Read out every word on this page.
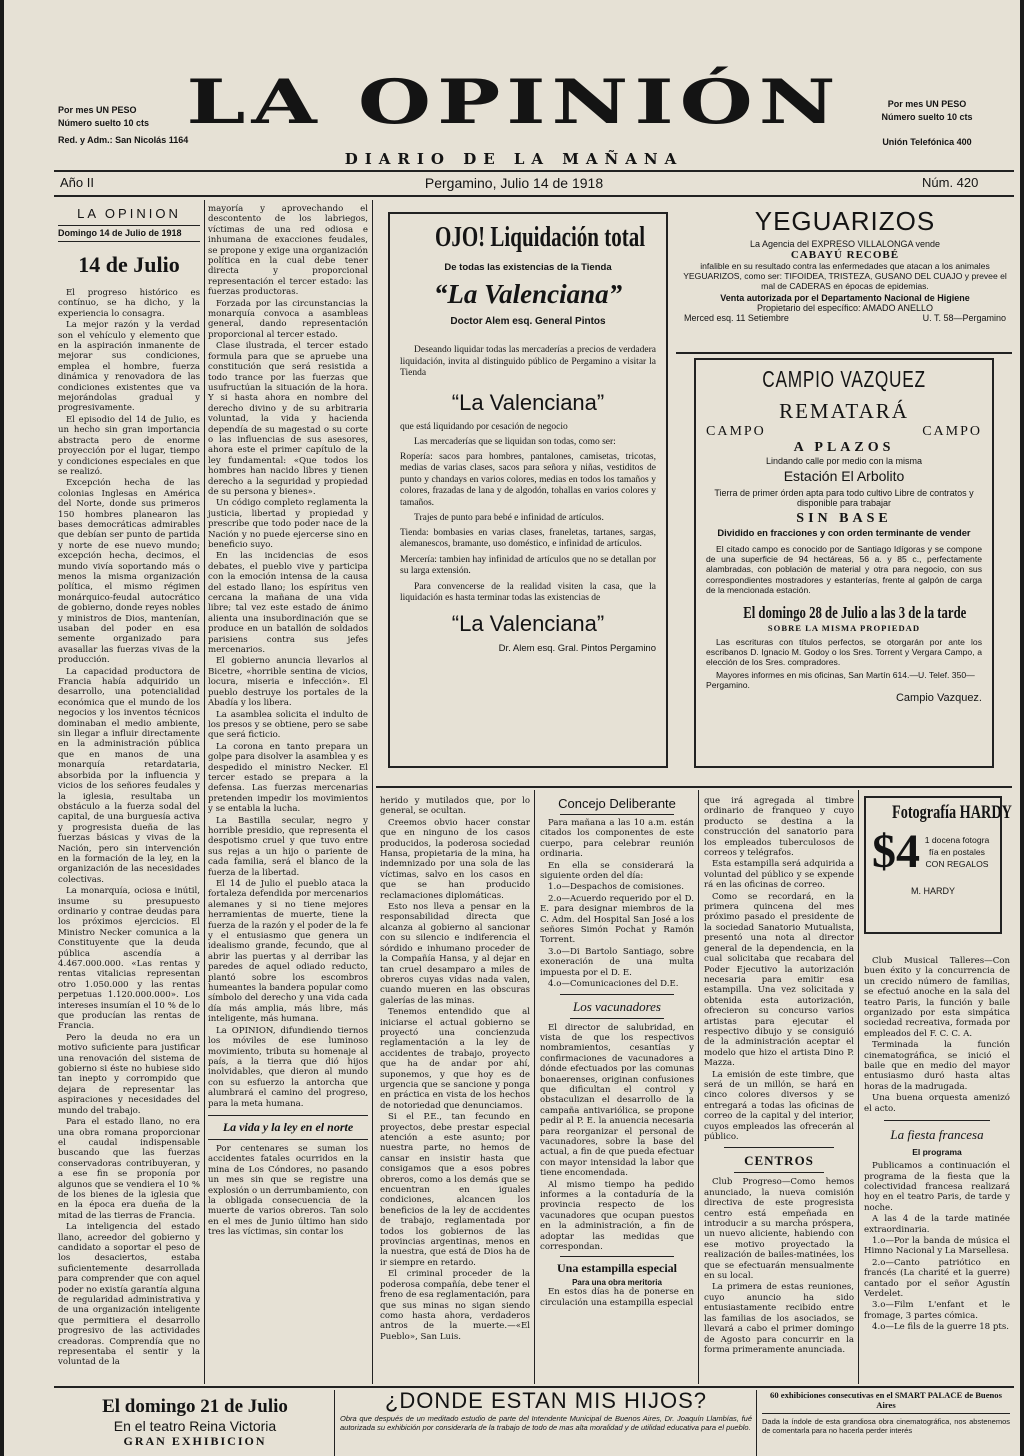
Por mes UN PESO
Número suelto 10 cts
Red. y Adm.: San Nicolás 1164
LA OPINIÓN
DIARIO DE LA MAÑANA
Por mes UN PESO
Número suelto 10 cts
Unión Telefónica 400
Año II	Pergamino, Julio 14 de 1918	Núm. 420
LA OPINION
Domingo 14 de Julio de 1918
14 de Julio

El progreso histórico es contínuo, se ha dicho, y la experiencia lo consagra.

La mejor razón y la verdad son el vehículo y elemento que en la aspiración inmanente de mejorar sus condiciones, emplea el hombre, fuerza dinámica y renovadora de las condiciones existentes que va mejorándolas gradual y progresivamente.

El episodio del 14 de Julio, es un hecho sin gran importancia abstracta pero de enorme proyección por el lugar, tiempo y condiciones especiales en que se realizó.

Excepción hecha de las colonias Inglesas en América del Norte, donde sus primeros 150 hombres planearon las bases democráticas admirables que debían ser punto de partida y norte de ese nuevo mundo; excepción hecha, decimos, el mundo vivía soportando más o menos la misma organización política, el mismo régimen monárquico-feudal autocrático de gobierno, donde reyes nobles y ministros de Dios, mantenían, usaban del poder en esa semente organizado para avasallar las fuerzas vivas de la producción.

La capacidad productora de Francia había adquirido un desarrollo, una potencialidad económica que el mundo de los negocios y los inventos técnicos dominaban el medio ambiente, sin llegar a influir directamente en la administración pública que en manos de una monarquía retardataria, absorbida por la influencia y vicios de los señores feudales y la iglesia, resultaba un obstáculo a la fuerza sodal del capital, de una burguesía activa y progresista dueña de las fuerzas básicas y vivas de la Nación, pero sin intervención en la formación de la ley, en la organización de las necesidades colectivas.

La monarquía, ociosa e inútil, insume su presupuesto ordinario y contrae deudas para los próximos ejercicios. El Ministro Necker comunica a la Constituyente que la deuda pública ascendía a 4.467.000.000. «Las rentas y rentas vitalicias representan otro 1.050.000 y las rentas perpetuas 1.120.000.000». Los intereses insumían el 10 % de lo que producían las rentas de Francia.

Pero la deuda no era un motivo suficiente para justificar una renovación del sistema de gobierno si éste no hubiese sido tan inepto y corrompido que dejara de representar las aspiraciones y necesidades del mundo del trabajo.

Para el estado llano, no era una obra romana proporcionar el caudal indispensable buscando que las fuerzas conservadoras contribuyeran, y a ese fin se proponía por algunos que se vendiera el 10 % de los bienes de la iglesia que en la época era dueña de la mitad de las tierras de Francia.

La inteligencia del estado llano, acreedor del gobierno y candidato a soportar el peso de los desaciertos, estaba suficientemente desarrollada para comprender que con aquel poder no existía garantía alguna de regularidad administrativa y de una organización inteligente que permitiera el desarrollo progresivo de las actividades creadoras. Comprendía que no representaba el sentir y la voluntad de la

mayoría y aprovechando el descontento de los labriegos, víctimas de una red odiosa e inhumana de exacciones feudales, se propone y exige una organización política en la cual debe tener directa y proporcional representación el tercer estado: las fuerzas productoras.

Forzada por las circunstancias la monarquía convoca a asambleas general, dando representación proporcional al tercer estado.

Clase ilustrada, el tercer estado formula para que se apruebe una constitución que será resistida a todo trance por las fuerzas que usufructúan la situación de la hora. Y si hasta ahora en nombre del derecho divino y de su arbitraria voluntad, la vida y hacienda dependía de su magestad o su corte o las influencias de sus asesores, ahora este el primer capítulo de la ley fundamental: «Que todos los hombres han nacido libres y tienen derecho a la seguridad y propiedad de su persona y bienes».

Un código completo reglamenta la justicia, libertad y propiedad y prescribe que todo poder nace de la Nación y no puede ejercerse sino en beneficio suyo.

En las incidencias de esos debates, el pueblo vive y participa con la emoción intensa de la causa del estado llano; los espíritus ven cercana la mañana de una vida libre; tal vez este estado de ánimo alienta una insubordinación que se produce en un batallón de soldados parisiens contra sus jefes mercenarios.

El gobierno anuncia llevarlos al Bicetre, «horrible sentina de vicios, locura, miseria e infección». El pueblo destruye los portales de la Abadía y los libera.

La asamblea solicita el indulto de los presos y se obtiene, pero se sabe que será ficticio.

La corona en tanto prepara un golpe para disolver la asamblea y es despedido el ministro Necker. El tercer estado se prepara a la defensa. Las fuerzas mercenarias pretenden impedir los movimientos y se entabla la lucha.

La Bastilla secular, negro y horrible presidio, que representa el despotismo cruel y que tuvo entre sus rejas a un hijo o pariente de cada familia, será el blanco de la fuerza de la libertad.

El 14 de Julio el pueblo ataca la fortaleza defendida por mercenarios alemanes y si no tiene mejores herramientas de muerte, tiene la fuerza de la razón y el poder de la fe y el entusiasmo que genera un idealismo grande, fecundo, que al abrir las puertas y al derribar las paredes de aquel odiado reducto, plantó sobre los escombros humeantes la bandera popular como símbolo del derecho y una vida cada día más amplia, más libre, más inteligente, más humana.

La OPINION, difundiendo tiernos los móviles de ese luminoso movimiento, tributa su homenaje al país, a la tierra que dió hijos inolvidables, que dieron al mundo con su esfuerzo la antorcha que alumbrará el camino del progreso, para la meta humana.

La vida y la ley en el norte

Por centenares se suman los accidentes fatales ocurridos en la mina de Los Cóndores, no pasando un mes sin que se registre una explosión o un derrumbamiento, con la obligada consecuencia de la muerte de varios obreros. Tan solo en el mes de Junio último han sido tres las víctimas, sin contar los

OJO! Liquidación total
De todas las existencias de la Tienda
“La Valenciana”
Doctor Alem esq. General Pintos
Deseando liquidar todas las mercaderías a precios de verdadera liquidación, invita al distinguido público de Pergamino a visitar la Tienda
“La Valenciana”
que está liquidando por cesación de negocio
Las mercaderías que se liquidan son todas, como ser:
Ropería: sacos para hombres, pantalones, camisetas, tricotas, medias de varias clases, sacos para señora y niñas, vestiditos de punto y chandays en varios colores, medias en todos los tamaños y colores, frazadas de lana y de algodón, tohallas en varios colores y tamaños.
Trajes de punto para bebé e infinidad de artículos.
Tienda: bombasies en varias clases, franeletas, tartanes, sargas, alemanescos, bramante, uso doméstico, e infinidad de artículos.
Mercería: tambien hay infinidad de artículos que no se detallan por su larga extensión.
Para convencerse de la realidad visiten la casa, que la liquidación es hasta terminar todas las existencias de
“La Valenciana”
Dr. Alem esq. Gral. Pintos Pergamino
YEGUARIZOS
La Agencia del EXPRESO VILLALONGA vende
CABAYÚ RECOBÉ
infalible en su resultado contra las enfermedades que atacan a los animales YEGUARIZOS, como ser: TIFOIDEA, TRISTEZA, GUSANO DEL CUAJO y prevee el mal de CADERAS en épocas de epidemias.
Venta autorizada por el Departamento Nacional de Higiene
Propietario del específico: AMADO ANELLO
Merced esq. 11 Setiembre	U. T. 58—Pergamino
CAMPIO VAZQUEZ
REMATARÁ
CAMPO	CAMPO
A PLAZOS
Lindando calle por medio con la misma
Estación El Arbolito
Tierra de primer órden apta para todo cultivo Libre de contratos y disponible para trabajar
SIN BASE
Dividido en fracciones y con orden terminante de vender
El citado campo es conocido por de Santiago Idígoras y se compone de una superficie de 94 hectáreas, 56 a. y 85 c., perfectamente alambradas, con población de material y otra para negocio, con sus correspondientes mostradores y estanterías, frente al galpón de carga de la mencionada estación.
El domingo 28 de Julio a las 3 de la tarde
SOBRE LA MISMA PROPIEDAD
Las escrituras con títulos perfectos, se otorgarán por ante los escribanos D. Ignacio M. Godoy o los Sres. Torrent y Vergara Campo, a elección de los Sres. compradores.
Mayores informes en mis oficinas, San Martín 614.—U. Telef. 350—Pergamino.
Campio Vazquez.

herido y mutilados que, por lo general, se ocultan.

Creemos obvio hacer constar que en ninguno de los casos producidos, la poderosa sociedad Hansa, propietaria de la mina, ha indemnizado por una sola de las víctimas, salvo en los casos en que se han producido reclamaciones diplomáticas.

Esto nos lleva a pensar en la responsabilidad directa que alcanza al gobierno al sancionar con su silencio e indiferencia el sórdido e inhumano proceder de la Compañía Hansa, y al dejar en tan cruel desamparo a miles de obreros cuyas vidas nada valen, cuando mueren en las obscuras galerías de las minas.

Tenemos entendido que al iniciarse el actual gobierno se proyectó una concienzuda reglamentación a la ley de accidentes de trabajo, proyecto que ha de andar por ahí, suponemos, y que hoy es de urgencia que se sancione y ponga en práctica en vista de los hechos de notoriedad que denunciamos.

Si el P.E., tan fecundo en proyectos, debe prestar especial atención a este asunto; por nuestra parte, no hemos de cansar en insistir hasta que consigamos que a esos pobres obreros, como a los demás que se encuentran en iguales condiciones, alcancen los beneficios de la ley de accidentes de trabajo, reglamentada por todos los gobiernos de las provincias argentinas, menos en la nuestra, que está de Dios ha de ir siempre en retardo.

El criminal proceder de la poderosa compañía, debe tener el freno de esa reglamentación, para que sus minas no sigan siendo como hasta ahora, verdaderos antros de la muerte.—«El Pueblo», San Luis.

Concejo Deliberante

Para mañana a las 10 a.m. están citados los componentes de este cuerpo, para celebrar reunión ordinaria.

En ella se considerará la siguiente orden del día:

1.o—Despachos de comisiones.

2.o—Acuerdo requerido por el D. E. para designar miembros de la C. Adm. del Hospital San José a los señores Simón Pochat y Ramón Torrent.

3.o—Di Bartolo Santiago, sobre exoneración de una multa impuesta por el D. E.

4.o—Comunicaciones del D.E.

Los vacunadores

El director de salubridad, en vista de que los respectivos nombramientos, cesantías y confirmaciones de vacunadores a dónde efectuados por las comunas bonaerenses, originan confusiones que dificultan el control y obstaculizan el desarrollo de la campaña antivariólica, se propone pedir al P. E. la anuencia necesaria para reorganizar el personal de vacunadores, sobre la base del actual, a fin de que pueda efectuar con mayor intensidad la labor que tiene encomendada.

Al mismo tiempo ha pedido informes a la contaduría de la provincia respecto de los vacunadores que ocupan puestos en la administración, a fin de adoptar las medidas que correspondan.

Una estampilla especial
Para una obra meritoria

En estos días ha de ponerse en circulación una estampilla especial

que irá agregada al timbre ordinario de franqueo y cuyo producto se destina a la construcción del sanatorio para los empleados tuberculosos de correos y telégrafos.

Esta estampilla será adquirida a voluntad del público y se expende rá en las oficinas de correo.

Como se recordará, en la primera quincena del mes próximo pasado el presidente de la sociedad Sanatorio Mutualista, presentó una nota al director general de la dependencia, en la cual solicitaba que recabara del Poder Ejecutivo la autorización necesaria para emitir esa estampilla. Una vez solicitada y obtenida esta autorización, ofrecieron su concurso varios artistas para ejecutar el respectivo dibujo y se consiguió de la administración aceptar el modelo que hizo el artista Dino P. Mazza.

La emisión de este timbre, que será de un millón, se hará en cinco colores diversos y se entregará a todas las oficinas de correo de la capital y del interior, cuyos empleados las ofrecerán al público.

CENTROS

Club Progreso—Como hemos anunciado, la nueva comisión directiva de este progresista centro está empeñada en introducir a su marcha próspera, un nuevo aliciente, habiendo con ese motivo proyectado la realización de bailes-matinées, los que se efectuarán mensualmente en su local.

La primera de estas reuniones, cuyo anuncio ha sido entusiastamente recibido entre las familias de los asociados, se llevará a cabo el primer domingo de Agosto para concurrir en la forma primeramente anunciada.

Fotografía HARDY
$4 1 docena fotogra
fía en postales
CON REGALOS
M. HARDY

Club Musical Talleres—Con buen éxito y la concurrencia de un crecido número de familias, se efectuó anoche en la sala del teatro Paris, la función y baile organizado por esta simpática sociedad recreativa, formada por empleados del F. C. C. A.

Terminada la función cinematográfica, se inició el baile que en medio del mayor entusiasmo duró hasta altas horas de la madrugada.

Una buena orquesta amenizó el acto.

La fiesta francesa
El programa

Publicamos a continuación el programa de la fiesta que la colectividad francesa realizará hoy en el teatro Paris, de tarde y noche.

A las 4 de la tarde matinée extraordinaria.

1.o—Por la banda de música el Himno Nacional y La Marsellesa.

2.o—Canto patriótico en francés (La charité et la guerre) cantado por el señor Agustín Verdelet.

3.o—Film L'enfant et le fromage, 3 partes cómica.

4.o—Le fils de la guerre 18 pts.

El domingo 21 de Julio
En el teatro Reina Victoria
GRAN EXHIBICION
¿DONDE ESTAN MIS HIJOS?
Obra que después de un meditado estudio de parte del Intendente Municipal de Buenos Aires, Dr. Joaquín Llambías, fué autorizada su exhibición por considerarla de la trabajo de todo de mas alta moralidad y de utilidad educativa para el pueblo.
60 exhibiciones consecutivas en el SMART PALACE de Buenos Aires
Dada la índole de esta grandiosa obra cinematográfica, nos abstenemos de comentarla para no hacerla perder interés
